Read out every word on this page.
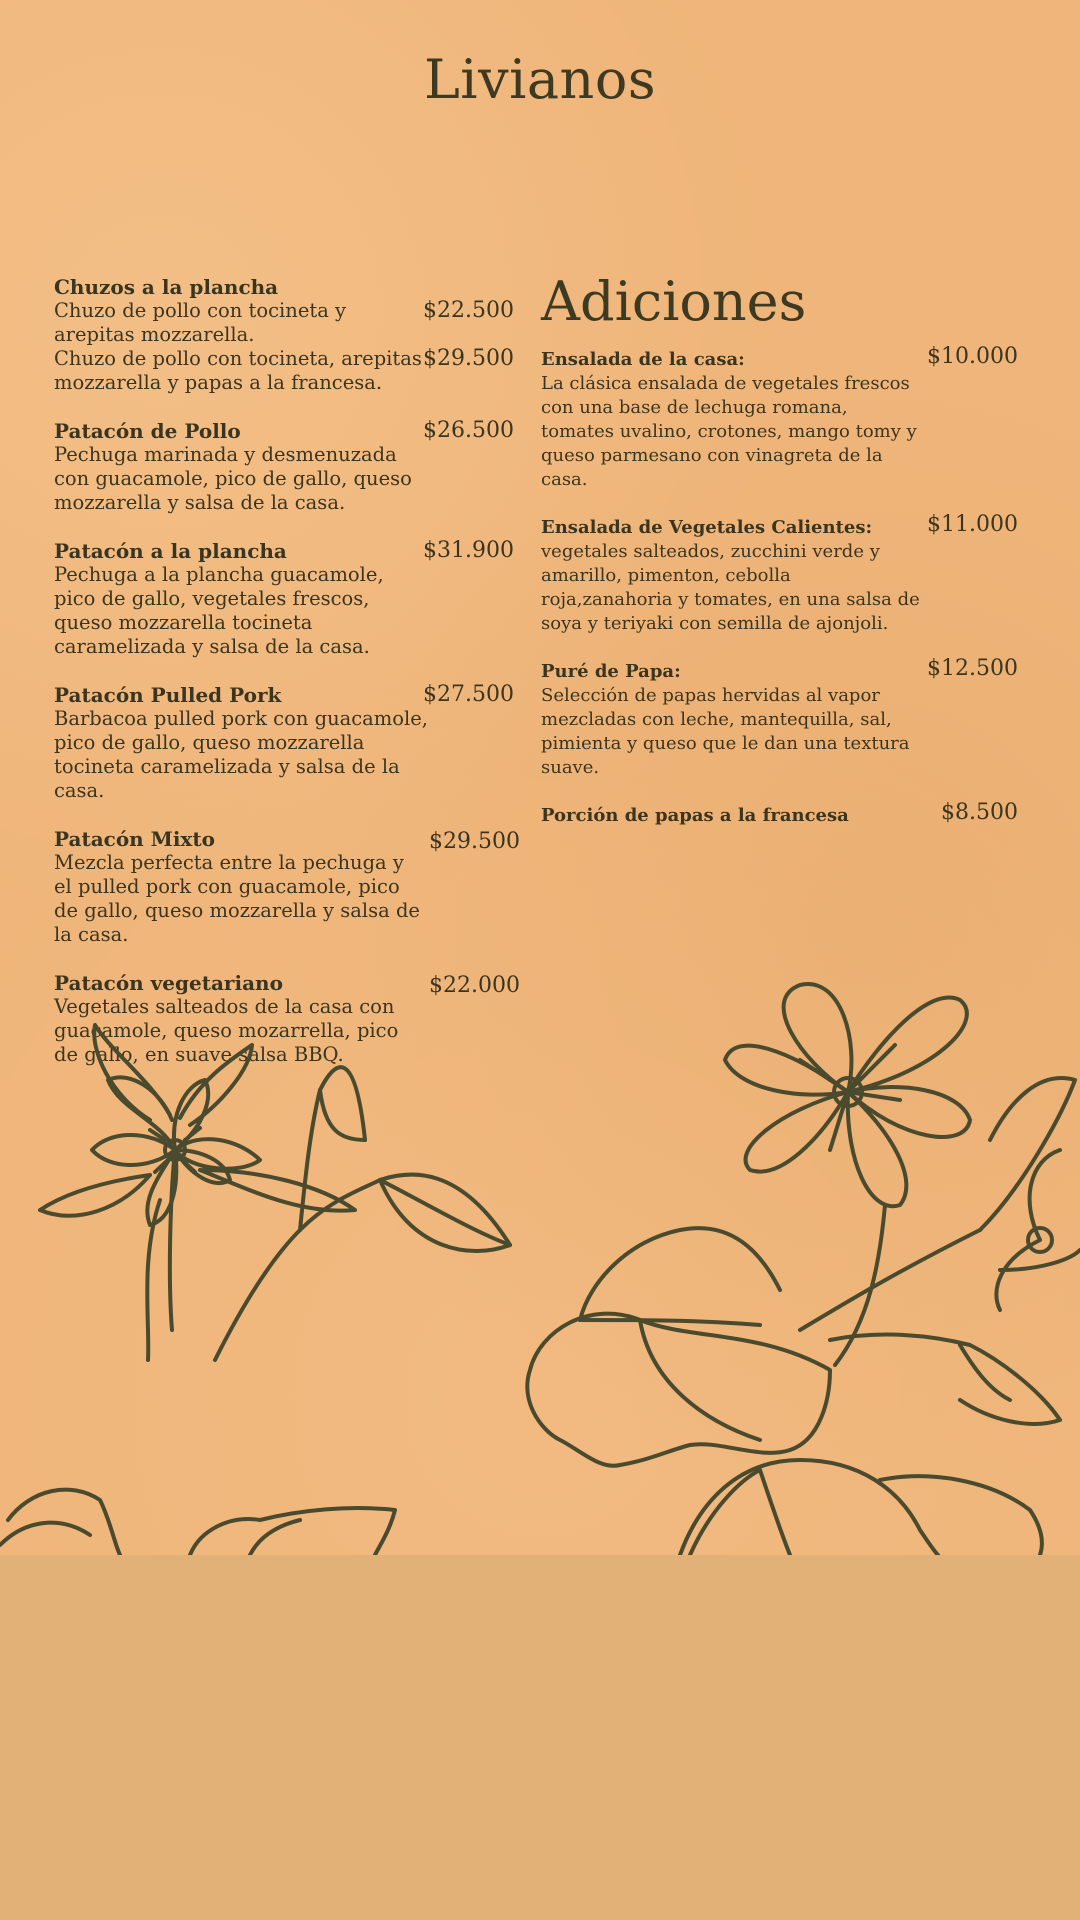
Livianos
Chuzos a la plancha
Chuzo de pollo con tocineta y arepitas mozzarella.
$22.500
Chuzo de pollo con tocineta, arepitas mozzarella y papas a la francesa.
$29.500
Patacón de Pollo
Pechuga marinada y desmenuzada con guacamole, pico de gallo, queso mozzarella y salsa de la casa.
$26.500
Patacón a la plancha
Pechuga a la plancha guacamole, pico de gallo, vegetales frescos, queso mozzarella tocineta caramelizada y salsa de la casa.
$31.900
Patacón Pulled Pork
Barbacoa pulled pork con guacamole, pico de gallo, queso mozzarella tocineta caramelizada y salsa de la casa.
$27.500
Patacón Mixto
Mezcla perfecta entre la pechuga y el pulled pork con guacamole, pico de gallo, queso mozzarella y salsa de la casa.
$29.500
Patacón vegetariano
Vegetales salteados de la casa con guacamole, queso mozarrella, pico de gallo, en suave salsa BBQ.
$22.000
Adiciones
Ensalada de la casa:
La clásica ensalada de vegetales frescos con una base de lechuga romana, tomates uvalino, crotones, mango tomy y queso parmesano con vinagreta de la casa.
$10.000
Ensalada de Vegetales Calientes:
vegetales salteados, zucchini verde y amarillo, pimenton, cebolla roja,zanahoria y tomates, en una salsa de soya y teriyaki con semilla de ajonjoli.
$11.000
Puré de Papa:
Selección de papas hervidas al vapor mezcladas con leche, mantequilla, sal, pimienta y queso que le dan una textura suave.
$12.500
Porción de papas a la francesa	$8.500
